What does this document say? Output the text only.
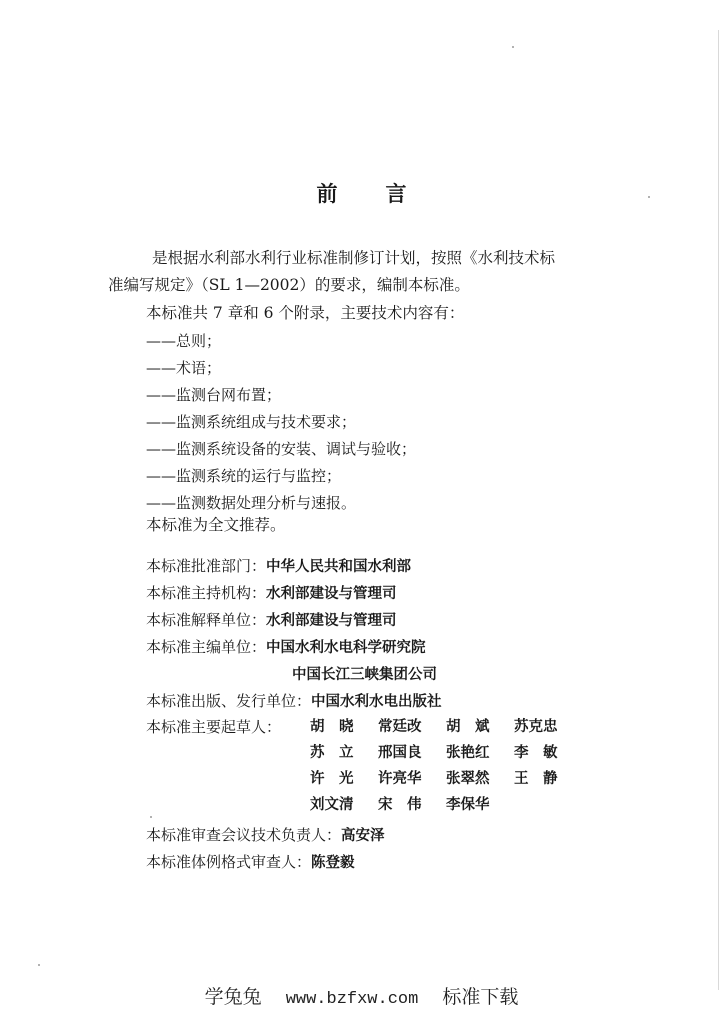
前 言
是根据水利部水利行业标准制修订计划，按照《水利技术标
准编写规定》（SL 1—2002）的要求，编制本标准。
本标准共 7 章和 6 个附录，主要技术内容有：
——总则；
——术语；
——监测台网布置；
——监测系统组成与技术要求；
——监测系统设备的安装、调试与验收；
——监测系统的运行与监控；
——监测数据处理分析与速报。
本标准为全文推荐。
本标准批准部门：中华人民共和国水利部
本标准主持机构：水利部建设与管理司
本标准解释单位：水利部建设与管理司
本标准主编单位：中国水利水电科学研究院
中国长江三峡集团公司
本标准出版、发行单位：中国水利水电出版社
本标准主要起草人：	胡　晓	常廷改	胡　斌	苏克忠
苏　立	邢国良	张艳红	李　敏
许　光	许亮华	张翠然	王　静
刘文清	宋　伟	李保华
本标准审查会议技术负责人：高安泽
本标准体例格式审查人：陈登毅
学兔兔 www.bzfxw.com 标准下载
